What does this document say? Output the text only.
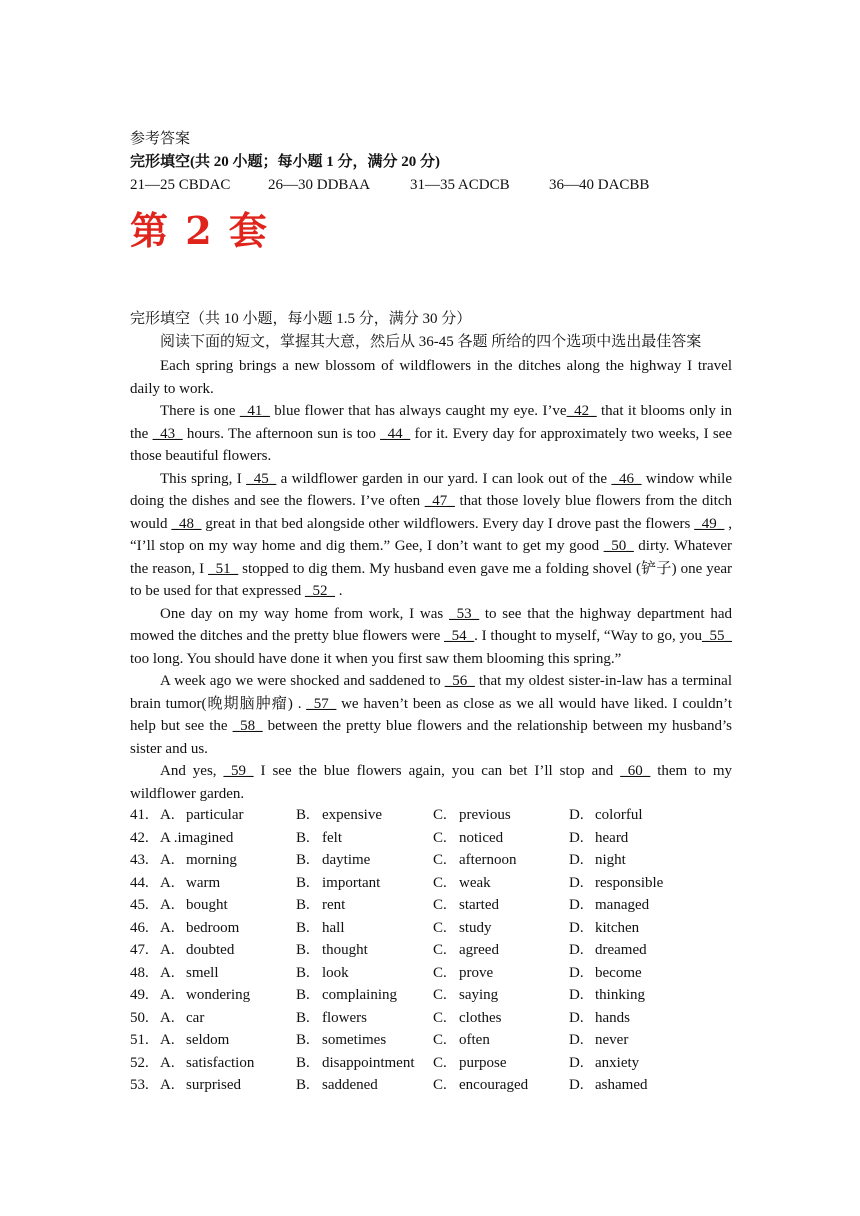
参考答案
完形填空(共 20 小题；每小题 1 分，满分 20 分)
21—25 CBDAC	26—30 DDBAA	31—35 ACDCB	36—40 DACBB
第 2 套
完形填空（共 10 小题，每小题 1.5 分，满分 30 分）
阅读下面的短文，掌握其大意，然后从 36-45 各题 所给的四个选项中选出最佳答案

Each spring brings a new blossom of wildflowers in the ditches along the highway I travel daily to work.

There is one _41_ blue flower that has always caught my eye. I’ve_42_ that it blooms only in the _43_ hours. The afternoon sun is too _44_ for it. Every day for approximately two weeks, I see those beautiful flowers.

This spring, I _45_ a wildflower garden in our yard. I can look out of the _46_ window while doing the dishes and see the flowers. I’ve often _47_ that those lovely blue flowers from the ditch would _48_ great in that bed alongside other wildflowers. Every day I drove past the flowers _49_ , “I’ll stop on my way home and dig them.” Gee, I don’t want to get my good _50_ dirty. Whatever the reason, I _51_ stopped to dig them. My husband even gave me a folding shovel (铲子) one year to be used for that expressed _52_ .

One day on my way home from work, I was _53_ to see that the highway department had mowed the ditches and the pretty blue flowers were _54_. I thought to myself, “Way to go, you_55_ too long. You should have done it when you first saw them blooming this spring.”

A week ago we were shocked and saddened to _56_ that my oldest sister-in-law has a terminal brain tumor(晚期脑肿瘤) . _57_ we haven’t been as close as we all would have liked. I couldn’t help but see the _58_ between the pretty blue flowers and the relationship between my husband’s sister and us.

And yes, _59_ I see the blue flowers again, you can bet I’ll stop and _60_ them to my wildflower garden.

41. A. particular	B. expensive	C. previous	D. colorful
42. A .imagined	B. felt	C. noticed	D. heard
43. A. morning	B. daytime	C. afternoon	D. night
44. A. warm	B. important	C. weak	D. responsible
45. A. bought	B. rent	C. started	D. managed
46. A. bedroom	B. hall	C. study	D. kitchen
47. A. doubted	B. thought	C. agreed	D. dreamed
48. A. smell	B. look	C. prove	D. become
49. A. wondering	B. complaining C. saying	D. thinking
50. A. car	B. flowers	C. clothes	D. hands
51. A. seldom	B. sometimes	C. often	D. never
52. A. satisfaction	B. disappointment C. purpose	D. anxiety
53. A. surprised	B. saddened	C. encouraged	D. ashamed
